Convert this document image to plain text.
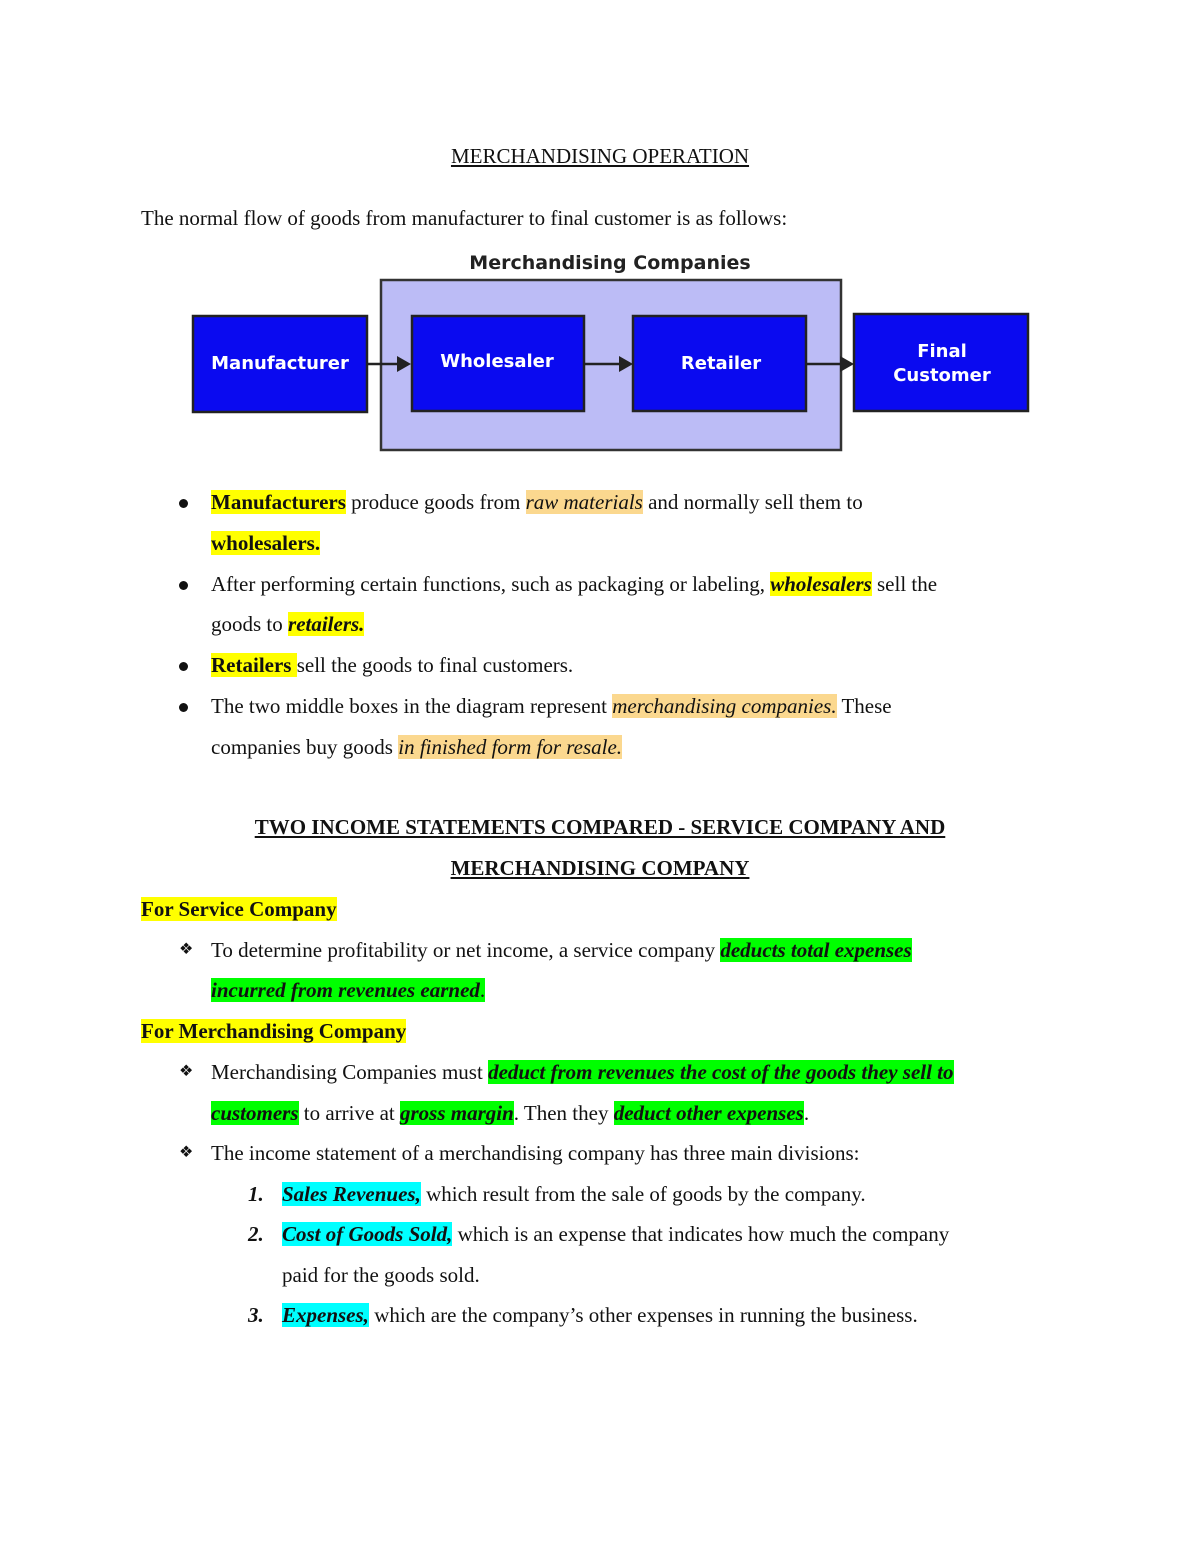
MERCHANDISING OPERATION
The normal flow of goods from manufacturer to final customer is as follows:
Merchandising Companies
Manufacturer	Wholesaler	Retailer
Final
Customer
Manufacturers produce goods from raw materials and normally sell them to
wholesalers.
After performing certain functions, such as packaging or labeling, wholesalers sell the
goods to retailers.
Retailers sell the goods to final customers.
The two middle boxes in the diagram represent merchandising companies. These
companies buy goods in finished form for resale.
TWO INCOME STATEMENTS COMPARED - SERVICE COMPANY AND
MERCHANDISING COMPANY
For Service Company
❖ To determine profitability or net income, a service company deducts total expenses
incurred from revenues earned.
For Merchandising Company
❖ Merchandising Companies must deduct from revenues the cost of the goods they sell to
customers to arrive at gross margin. Then they deduct other expenses.
❖ The income statement of a merchandising company has three main divisions:
1. Sales Revenues, which result from the sale of goods by the company.
2. Cost of Goods Sold, which is an expense that indicates how much the company
paid for the goods sold.
3. Expenses, which are the company’s other expenses in running the business.
